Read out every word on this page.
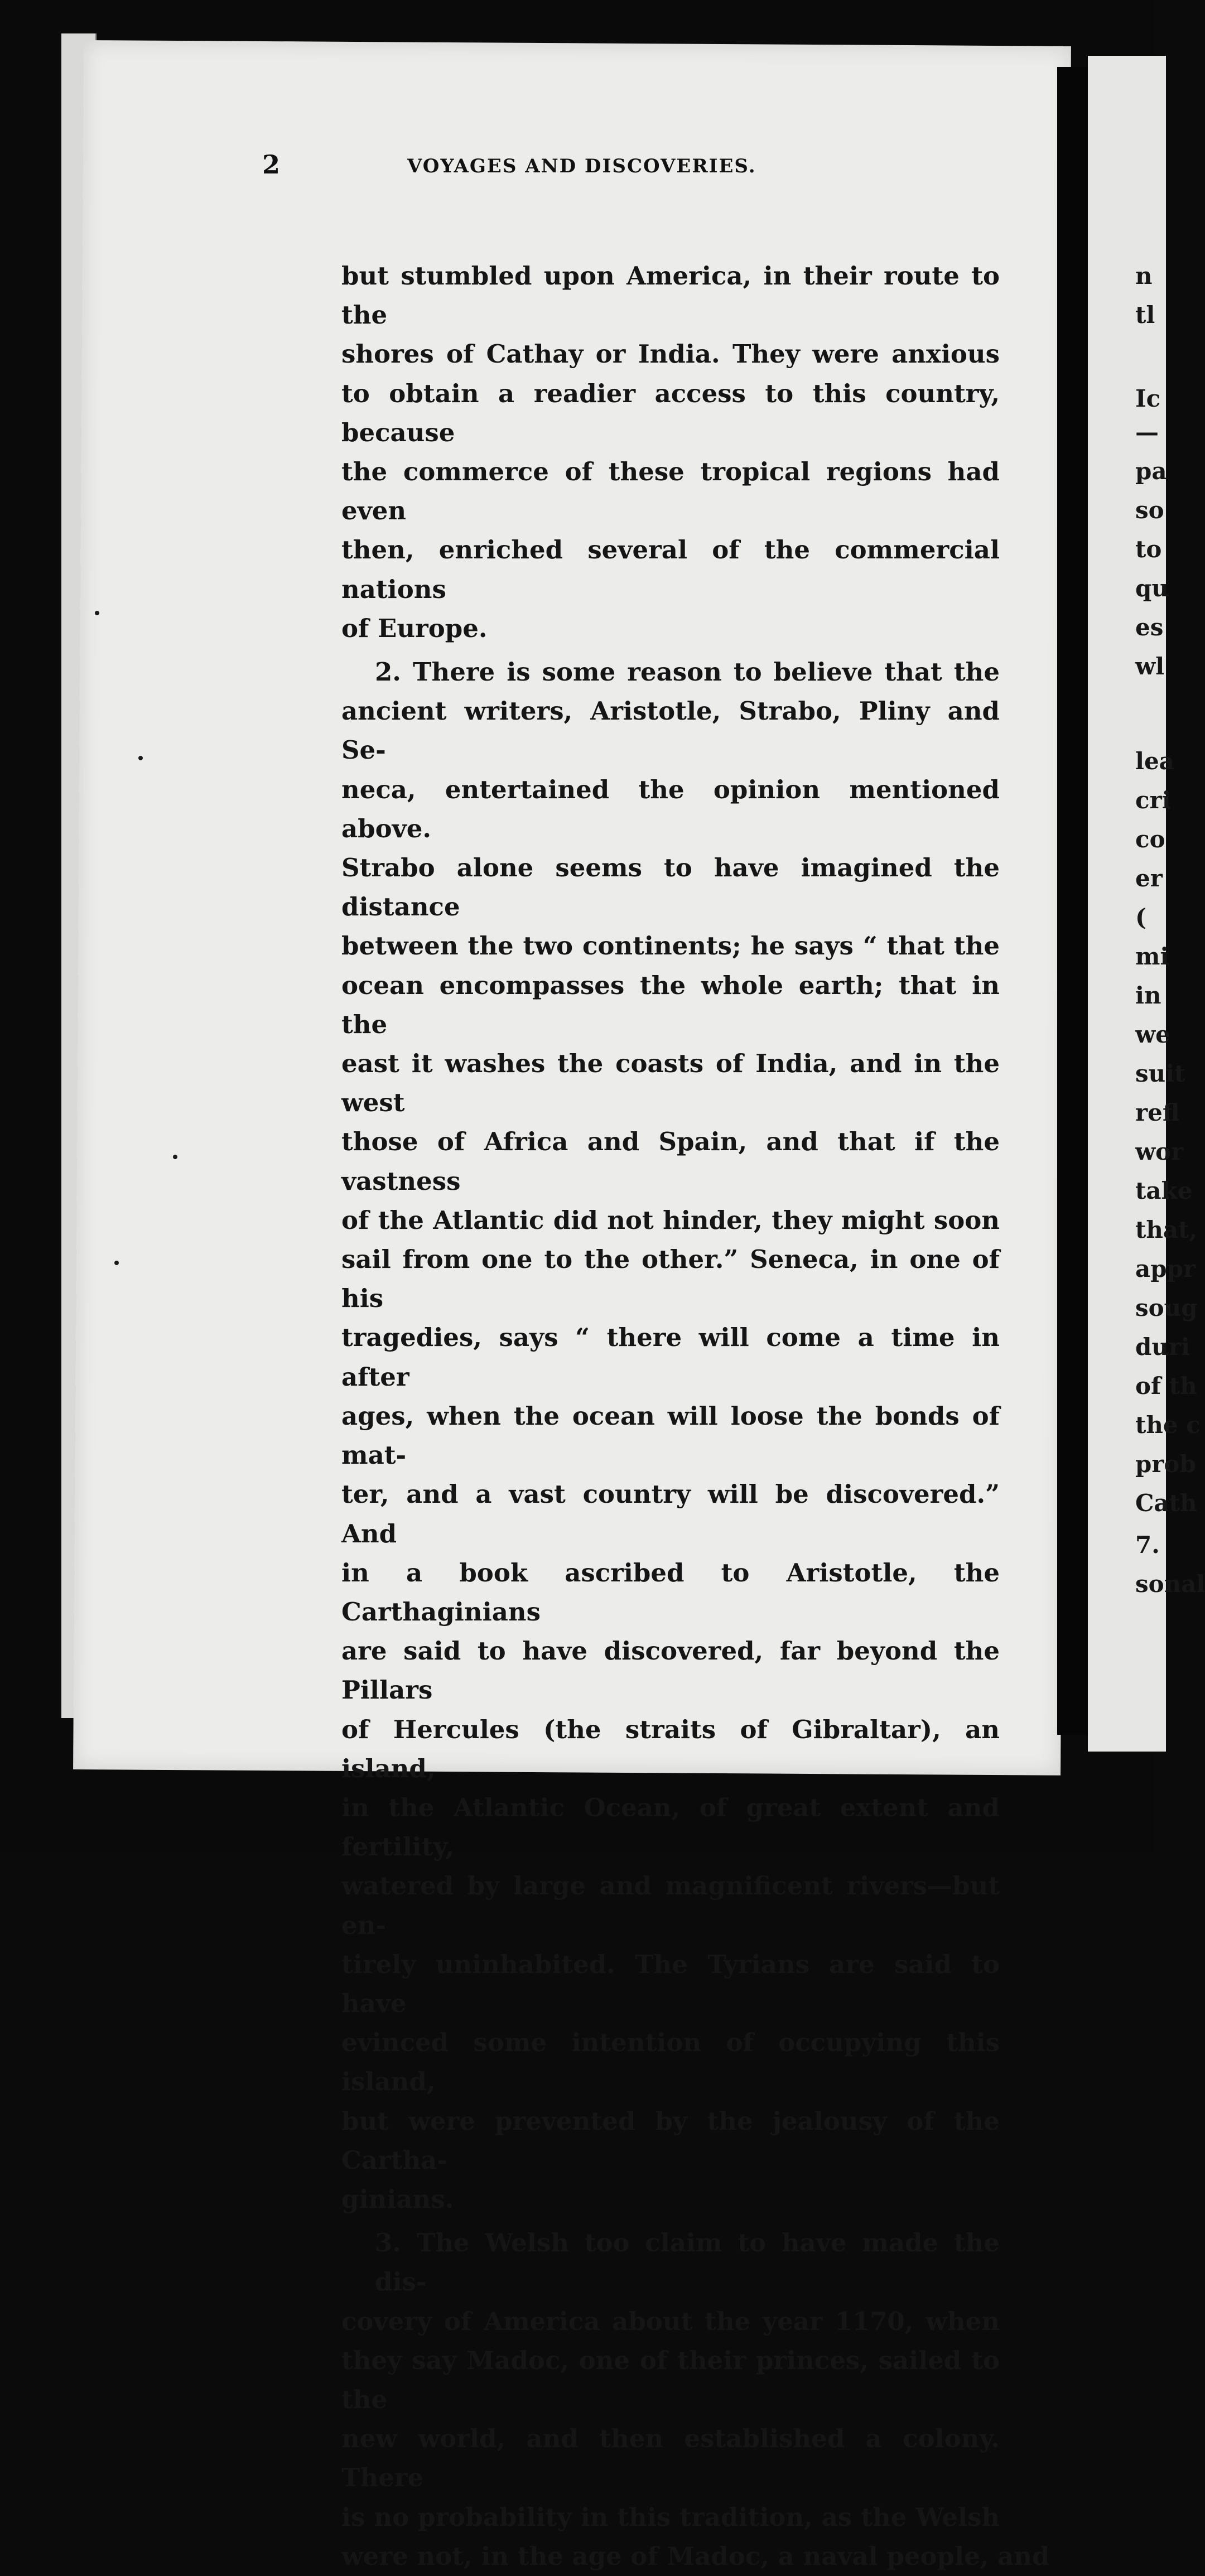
2	VOYAGES AND DISCOVERIES.
but stumbled upon America, in their route to the
shores of Cathay or India. They were anxious
to obtain a readier access to this country, because
the commerce of these tropical regions had even
then, enriched several of the commercial nations
of Europe.
2. There is some reason to believe that the
ancient writers, Aristotle, Strabo, Pliny and Se-
neca, entertained the opinion mentioned above.
Strabo alone seems to have imagined the distance
between the two continents; he says “ that the
ocean encompasses the whole earth; that in the
east it washes the coasts of India, and in the west
those of Africa and Spain, and that if the vastness
of the Atlantic did not hinder, they might soon
sail from one to the other.” Seneca, in one of his
tragedies, says “ there will come a time in after
ages, when the ocean will loose the bonds of mat-
ter, and a vast country will be discovered.” And
in a book ascribed to Aristotle, the Carthaginians
are said to have discovered, far beyond the Pillars
of Hercules (the straits of Gibraltar), an island,
in the Atlantic Ocean, of great extent and fertility,
watered by large and magnificent rivers—but en-
tirely uninhabited. The Tyrians are said to have
evinced some intention of occupying this island,
but were prevented by the jealousy of the Cartha-
ginians.
3. The Welsh too claim to have made the dis-
covery of America about the year 1170, when
they say Madoc, one of their princes, sailed to the
new world, and then established a colony. There
is no probability in this tradition, as the Welsh
were not, in the age of Madoc, a naval people, and
n
tl
Ic
—
pa
so
to
qu
es
wl
lea
cri
co
er
(
mi
in
we
suit
refl
wor
take
that,
appr
soug
duri
of th
the c
prob
Cath
7.
sonal
